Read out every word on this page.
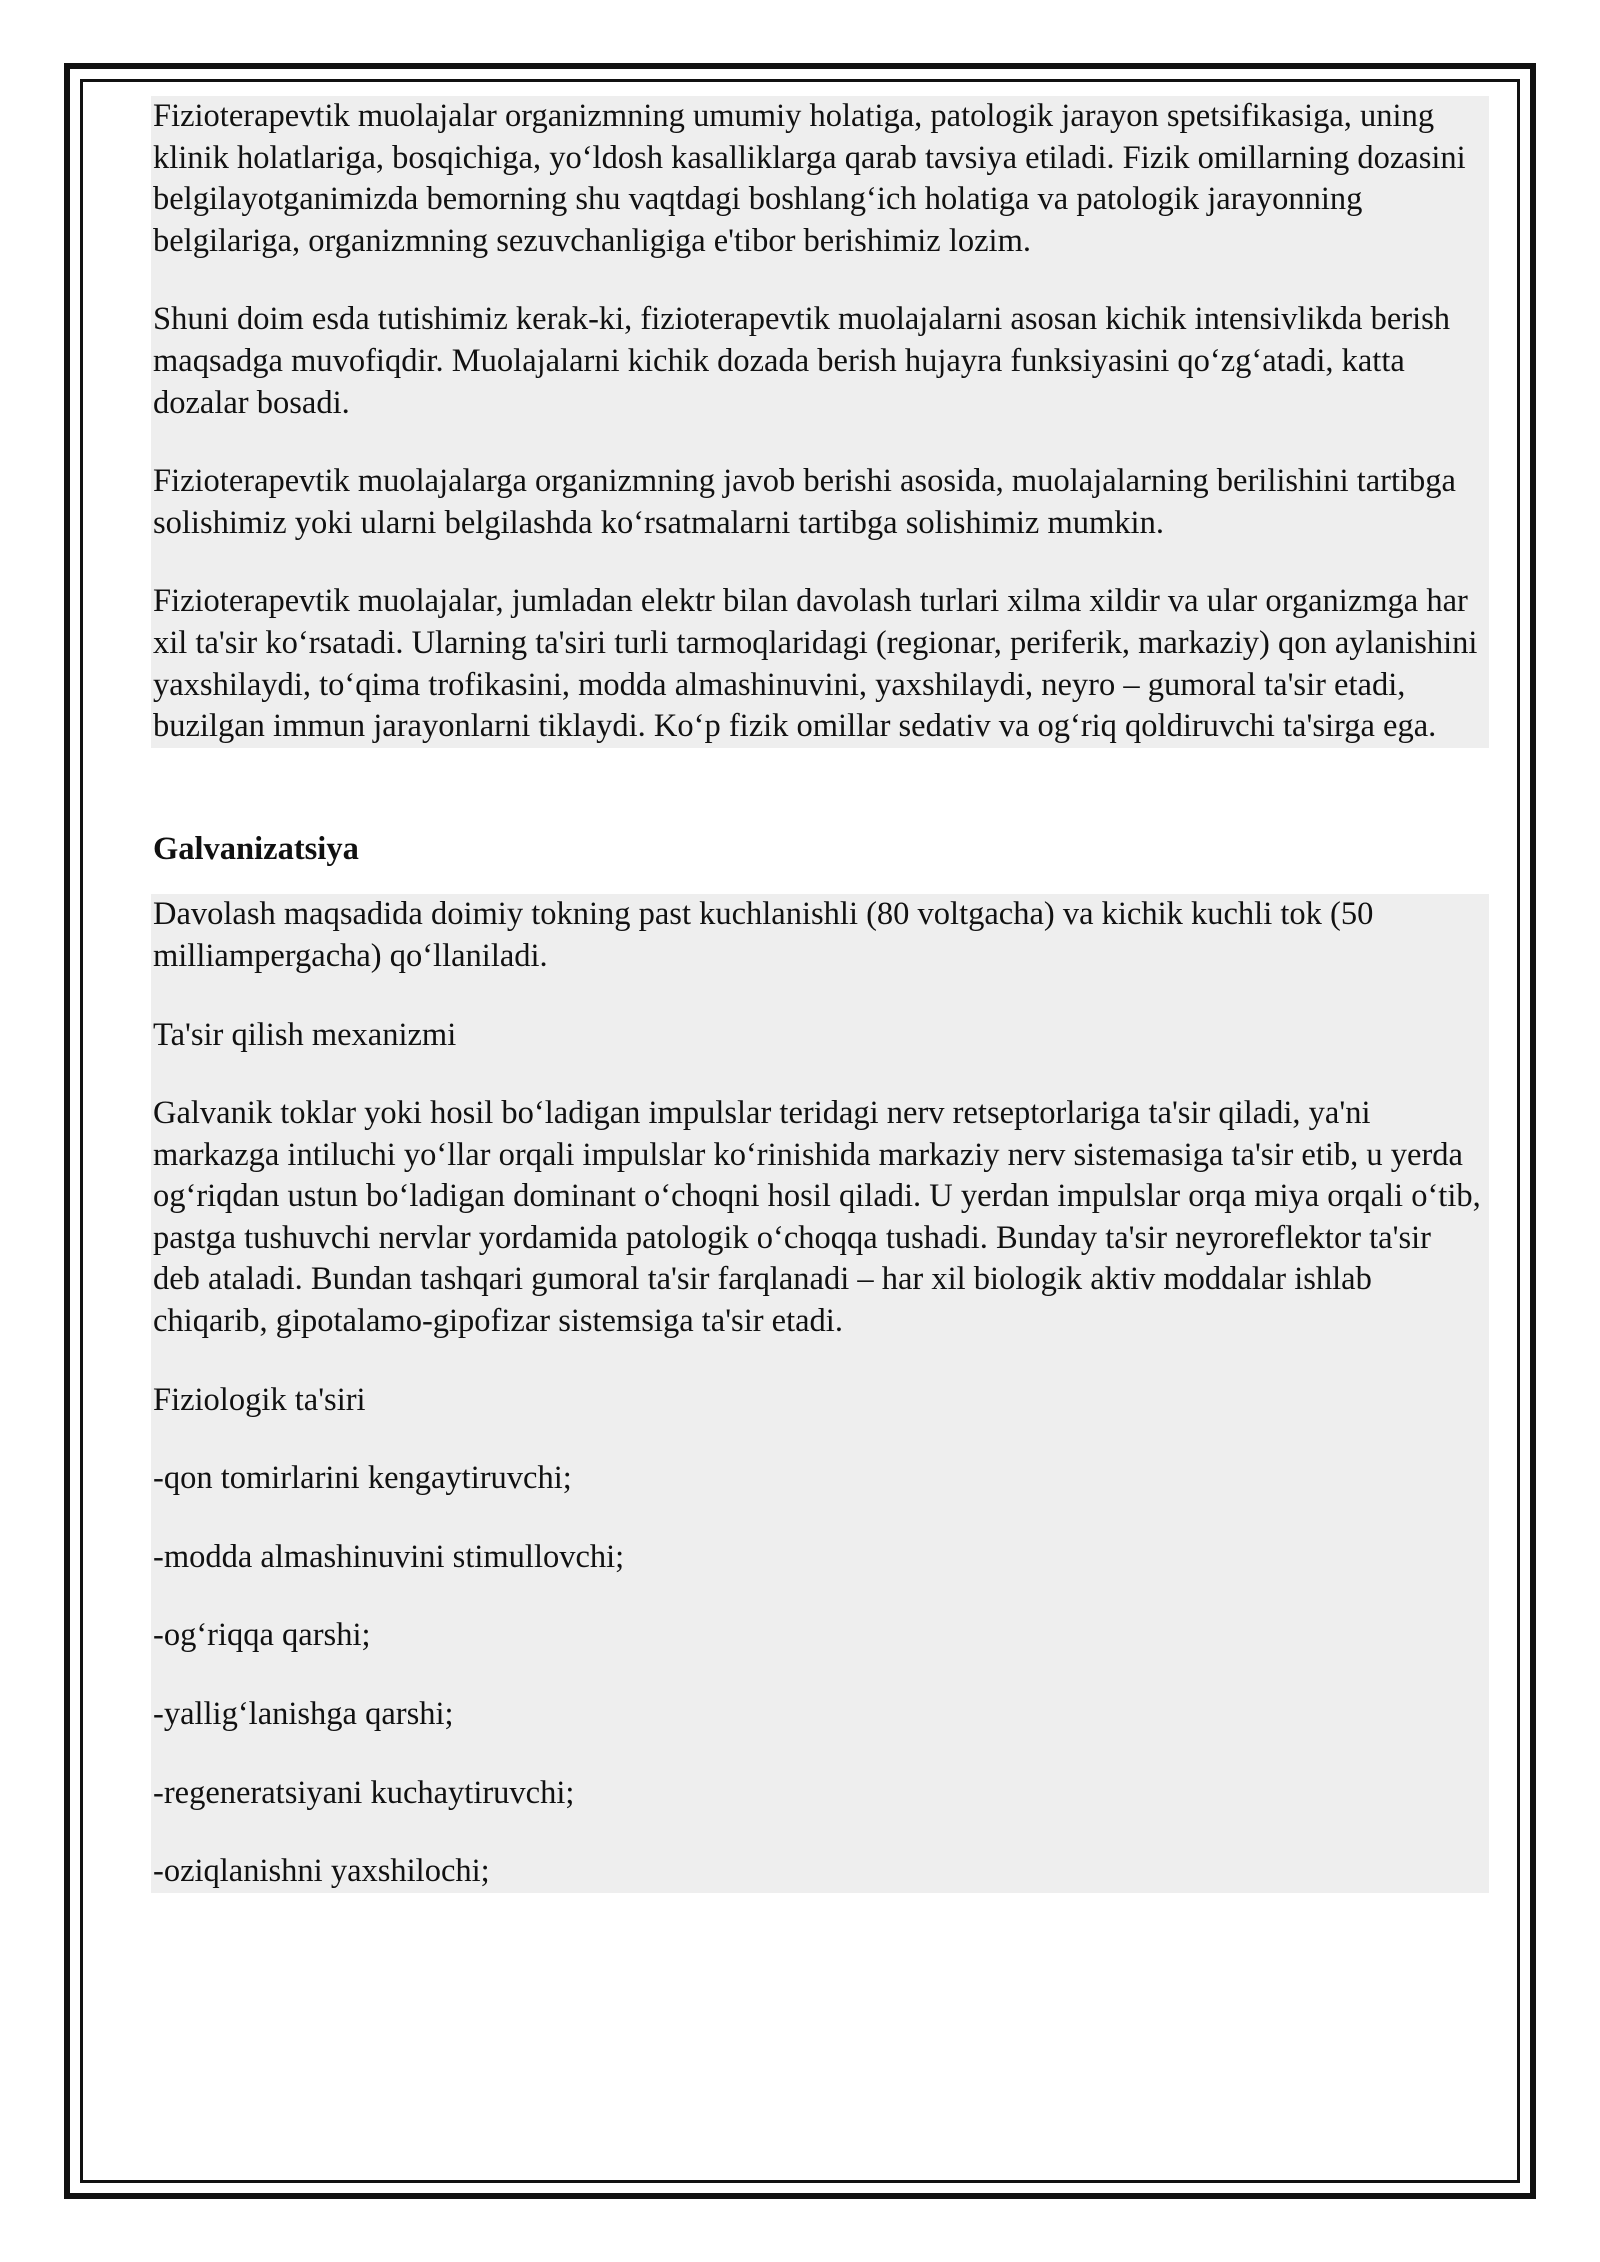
Fizioterapevtik muolajalar organizmning umumiy holatiga, patologik jarayon spetsifikasiga, uning klinik holatlariga, bosqichiga, yo‘ldosh kasalliklarga qarab tavsiya etiladi. Fizik omillarning dozasini belgilayotganimizda bemorning shu vaqtdagi boshlang‘ich holatiga va patologik jarayonning belgilariga, organizmning sezuvchanligiga e'tibor berishimiz lozim.

Shuni doim esda tutishimiz kerak-ki, fizioterapevtik muolajalarni asosan kichik intensivlikda berish maqsadga muvofiqdir. Muolajalarni kichik dozada berish hujayra funksiyasini qo‘zg‘atadi, katta dozalar bosadi.

Fizioterapevtik muolajalarga organizmning javob berishi asosida, muolajalarning berilishini tartibga solishimiz yoki ularni belgilashda ko‘rsatmalarni tartibga solishimiz mumkin.

Fizioterapevtik muolajalar, jumladan elektr bilan davolash turlari xilma xildir va ular organizmga har xil ta'sir ko‘rsatadi. Ularning ta'siri turli tarmoqlaridagi (regionar, periferik, markaziy) qon aylanishini yaxshilaydi, to‘qima trofikasini, modda almashinuvini, yaxshilaydi, neyro – gumoral ta'sir etadi, buzilgan immun jarayonlarni tiklaydi. Ko‘p fizik omillar sedativ va og‘riq qoldiruvchi ta'sirga ega.

Galvanizatsiya

Davolash maqsadida doimiy tokning past kuchlanishli (80 voltgacha) va kichik kuchli tok (50 milliampergacha) qo‘llaniladi.

Ta'sir qilish mexanizmi

Galvanik toklar yoki hosil bo‘ladigan impulslar teridagi nerv retseptorlariga ta'sir qiladi, ya'ni markazga intiluchi yo‘llar orqali impulslar ko‘rinishida markaziy nerv sistemasiga ta'sir etib, u yerda og‘riqdan ustun bo‘ladigan dominant o‘choqni hosil qiladi. U yerdan impulslar orqa miya orqali o‘tib, pastga tushuvchi nervlar yordamida patologik o‘choqqa tushadi. Bunday ta'sir neyroreflektor ta'sir deb ataladi. Bundan tashqari gumoral ta'sir farqlanadi – har xil biologik aktiv moddalar ishlab chiqarib, gipotalamo-gipofizar sistemsiga ta'sir etadi.

Fiziologik ta'siri

-qon tomirlarini kengaytiruvchi;

-modda almashinuvini stimullovchi;

-og‘riqqa qarshi;

-yallig‘lanishga qarshi;

-regeneratsiyani kuchaytiruvchi;

-oziqlanishni yaxshilochi;
